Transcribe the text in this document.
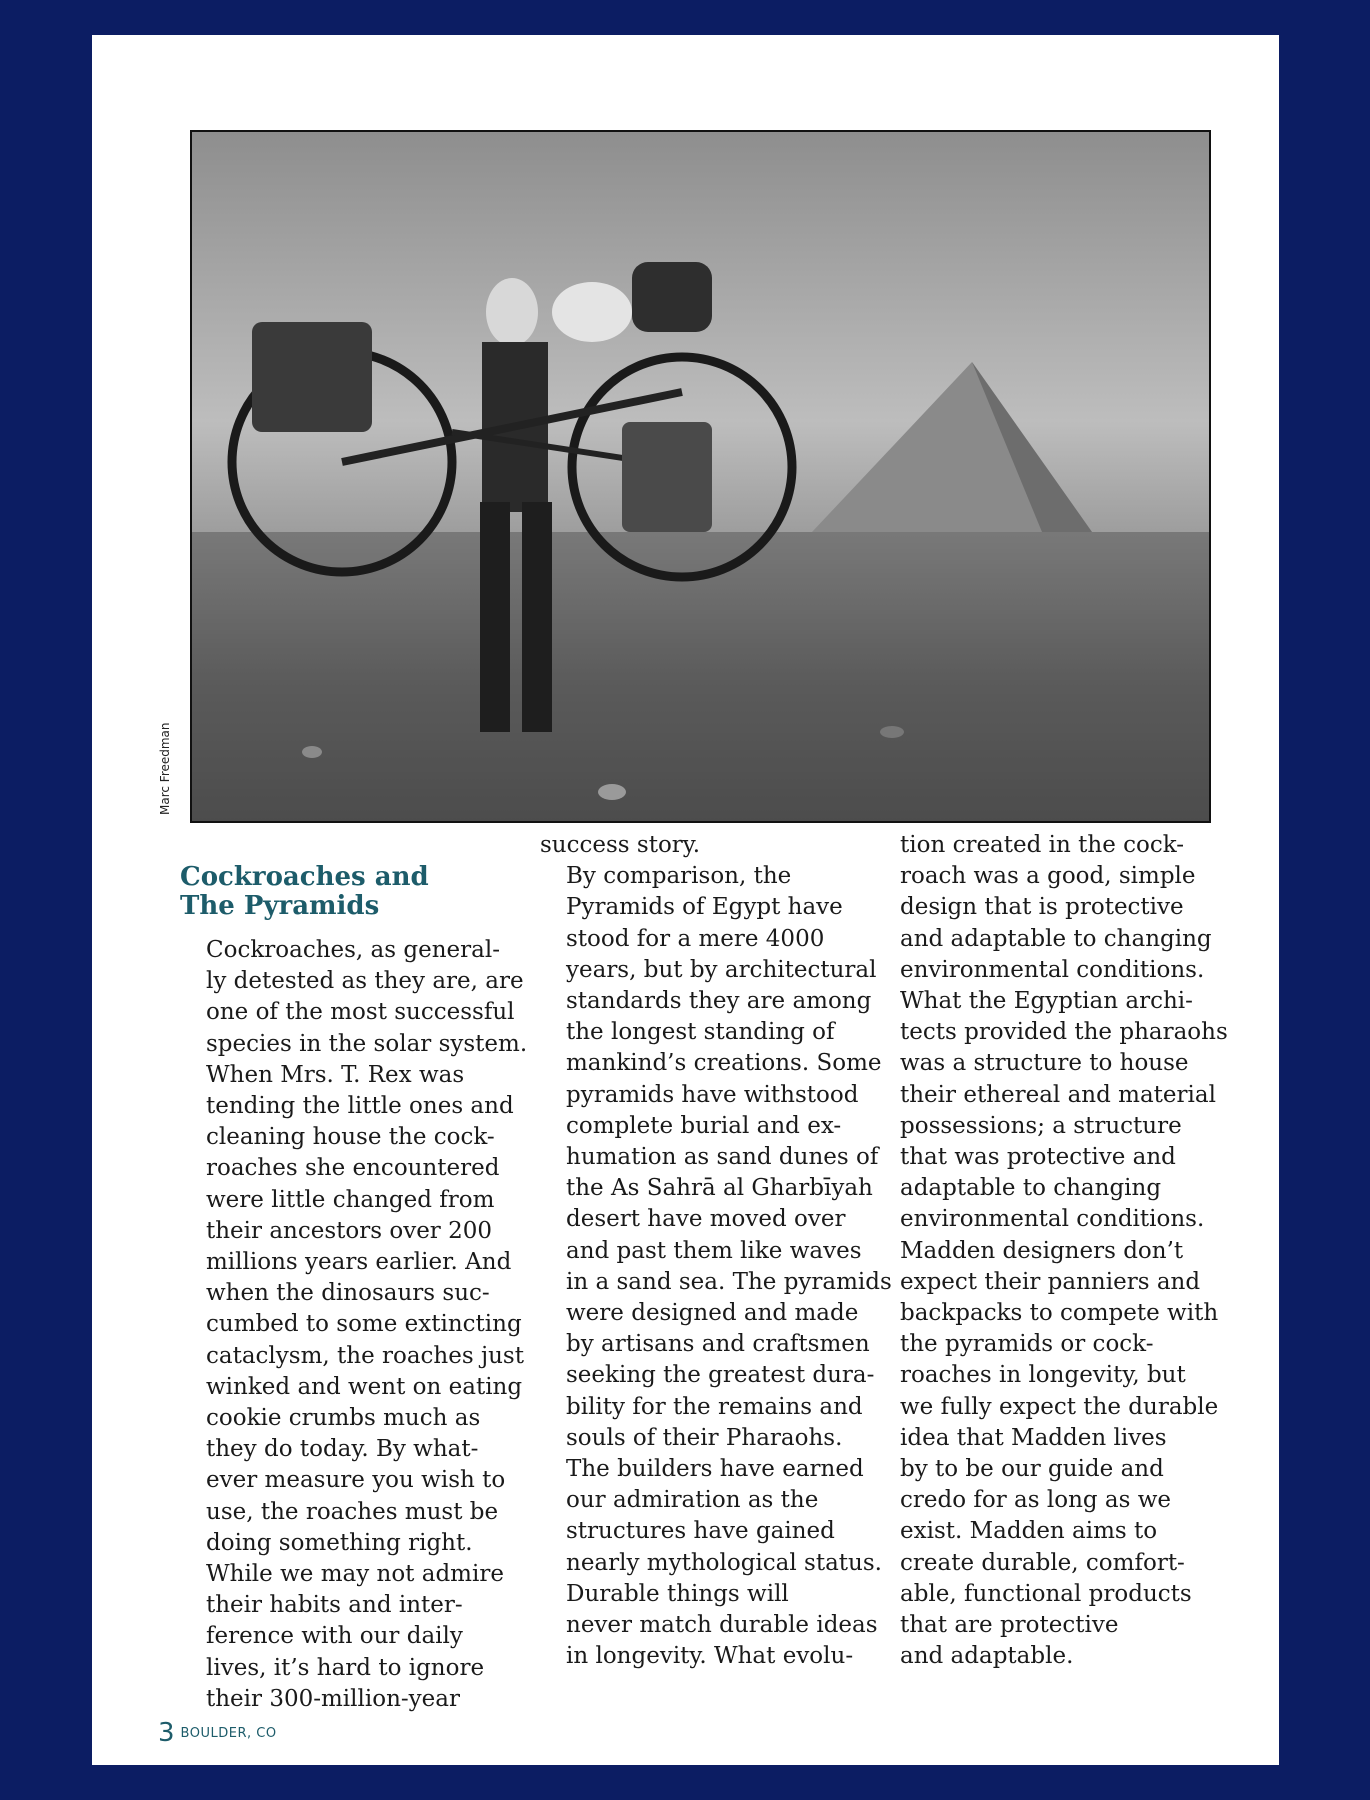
Marc Freedman
Cockroaches and
The Pyramids

Cockroaches, as general-
ly detested as they are, are
one of the most successful
species in the solar system.
When Mrs. T. Rex was
tending the little ones and
cleaning house the cock-
roaches she encountered
were little changed from
their ancestors over 200
millions years earlier. And
when the dinosaurs suc-
cumbed to some extincting
cataclysm, the roaches just
winked and went on eating
cookie crumbs much as
they do today. By what-
ever measure you wish to
use, the roaches must be
doing something right.
While we may not admire
their habits and inter-
ference with our daily
lives, it’s hard to ignore
their 300-million-year

success story.

By comparison, the
Pyramids of Egypt have
stood for a mere 4000
years, but by architectural
standards they are among
the longest standing of
mankind’s creations. Some
pyramids have withstood
complete burial and ex-
humation as sand dunes of
the As Sahrā al Gharbīyah
desert have moved over
and past them like waves
in a sand sea. The pyramids
were designed and made
by artisans and craftsmen
seeking the greatest dura-
bility for the remains and
souls of their Pharaohs.
The builders have earned
our admiration as the
structures have gained
nearly mythological status.

Durable things will
never match durable ideas
in longevity. What evolu-

tion created in the cock-
roach was a good, simple
design that is protective
and adaptable to changing
environmental conditions.
What the Egyptian archi-
tects provided the pharaohs
was a structure to house
their ethereal and material
possessions; a structure
that was protective and
adaptable to changing
environmental conditions.
Madden designers don’t
expect their panniers and
backpacks to compete with
the pyramids or cock-
roaches in longevity, but
we fully expect the durable
idea that Madden lives
by to be our guide and
credo for as long as we
exist. Madden aims to
create durable, comfort-
able, functional products
that are protective
and adaptable.

3 BOULDER, CO
